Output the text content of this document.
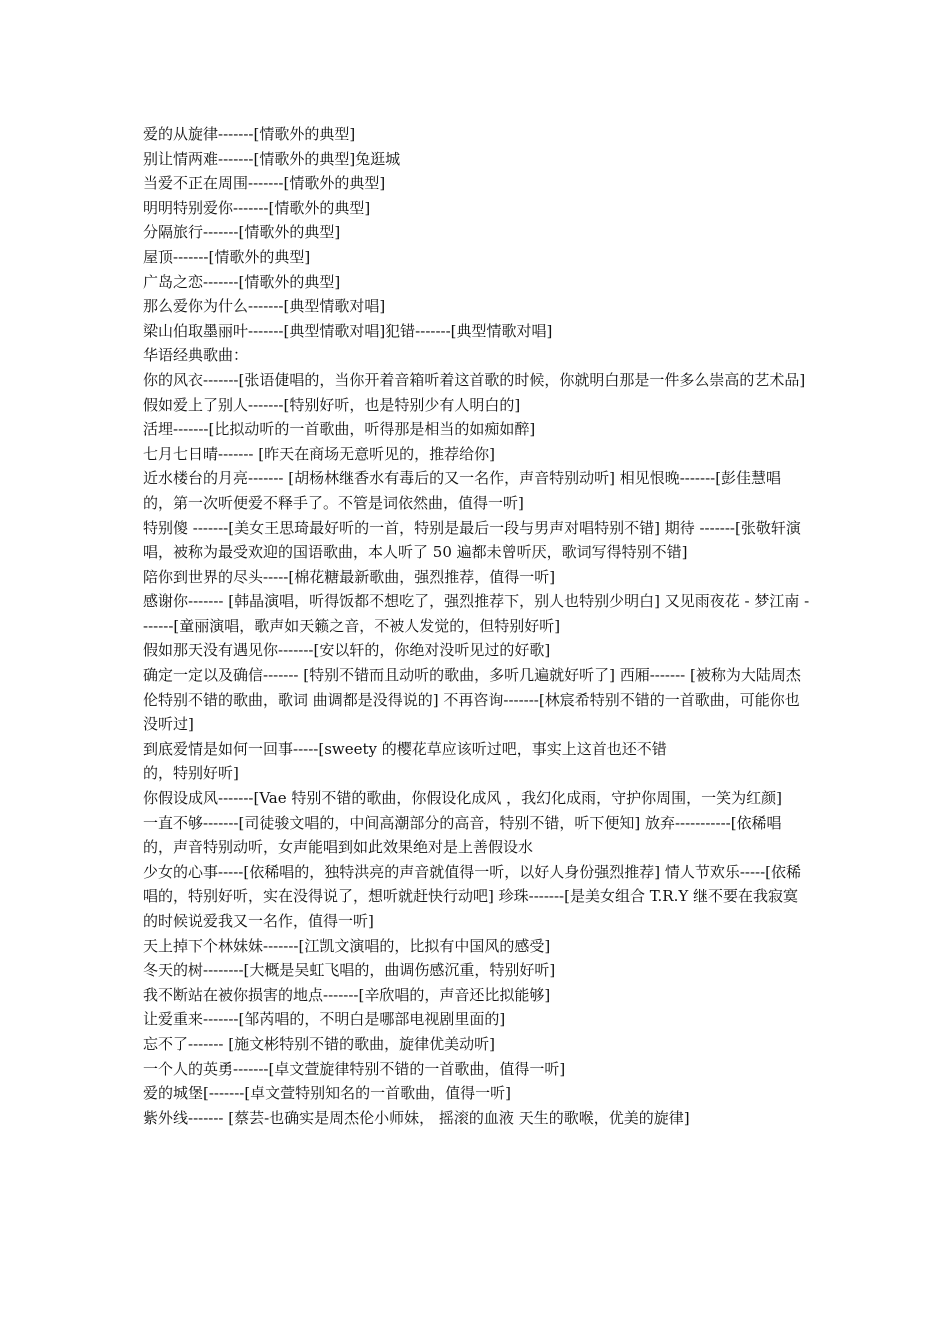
爱的从旋律-------[情歌外的典型]

别让情两难-------[情歌外的典型]兔逛城

当爱不正在周围-------[情歌外的典型]

明明特别爱你-------[情歌外的典型]

分隔旅行-------[情歌外的典型]

屋顶-------[情歌外的典型]

广岛之恋-------[情歌外的典型]

那么爱你为什么-------[典型情歌对唱]

梁山伯取墨丽叶-------[典型情歌对唱]犯错-------[典型情歌对唱]

华语经典歌曲：

你的风衣-------[张语倢唱的，当你开着音箱听着这首歌的时候，你就明白那是一件多么崇高的艺术品]

假如爱上了别人-------[特别好听，也是特别少有人明白的]

活埋-------[比拟动听的一首歌曲，听得那是相当的如痴如醉]

七月七日晴------- [昨天在商场无意听见的，推荐给你]

近水楼台的月亮------- [胡杨林继香水有毒后的又一名作，声音特别动听] 相见恨晚-------[彭佳慧唱的，第一次听便爱不释手了。不管是词依然曲，值得一听]

特别傻 -------[美女王思琦最好听的一首，特别是最后一段与男声对唱特别不错] 期待 -------[张敬轩演唱，被称为最受欢迎的国语歌曲，本人听了 50 遍都未曾听厌，歌词写得特别不错]

陪你到世界的尽头-----[棉花糖最新歌曲，强烈推荐，值得一听]

感谢你------- [韩晶演唱，听得饭都不想吃了，强烈推荐下，别人也特别少明白] 又见雨夜花 - 梦江南 -------[童丽演唱，歌声如天籁之音，不被人发觉的，但特别好听]

假如那天没有遇见你-------[安以轩的，你绝对没听见过的好歌]

确定一定以及确信------- [特别不错而且动听的歌曲，多听几遍就好听了] 西厢------- [被称为大陆周杰伦特别不错的歌曲，歌词 曲调都是没得说的] 不再咨询-------[林宸希特别不错的一首歌曲，可能你也没听过]

到底爱情是如何一回事-----[sweety 的樱花草应该听过吧，事实上这首也还不错
的，特别好听]

你假设成风-------[Vae 特别不错的歌曲，你假设化成风 ，我幻化成雨，守护你周围，一笑为红颜]

一直不够-------[司徒骏文唱的，中间高潮部分的高音，特别不错，听下便知] 放弃-----------[依稀唱的，声音特别动听，女声能唱到如此效果绝对是上善假设水

少女的心事-----[依稀唱的，独特洪亮的声音就值得一听，以好人身份强烈推荐] 情人节欢乐-----[依稀唱的，特别好听，实在没得说了，想听就赶快行动吧] 珍珠-------[是美女组合 T.R.Y 继不要在我寂寞的时候说爱我又一名作，值得一听]

天上掉下个林妹妹-------[江凯文演唱的，比拟有中国风的感受]

冬天的树--------[大概是吴虹飞唱的，曲调伤感沉重，特别好听]

我不断站在被你损害的地点-------[辛欣唱的，声音还比拟能够]

让爱重来-------[邹芮唱的，不明白是哪部电视剧里面的]

忘不了------- [施文彬特别不错的歌曲，旋律优美动听]

一个人的英勇-------[卓文萱旋律特别不错的一首歌曲，值得一听]

爱的城堡[-------[卓文萱特别知名的一首歌曲，值得一听]

紫外线------- [蔡芸-也确实是周杰伦小师妹， 摇滚的血液 天生的歌喉，优美的旋律]
